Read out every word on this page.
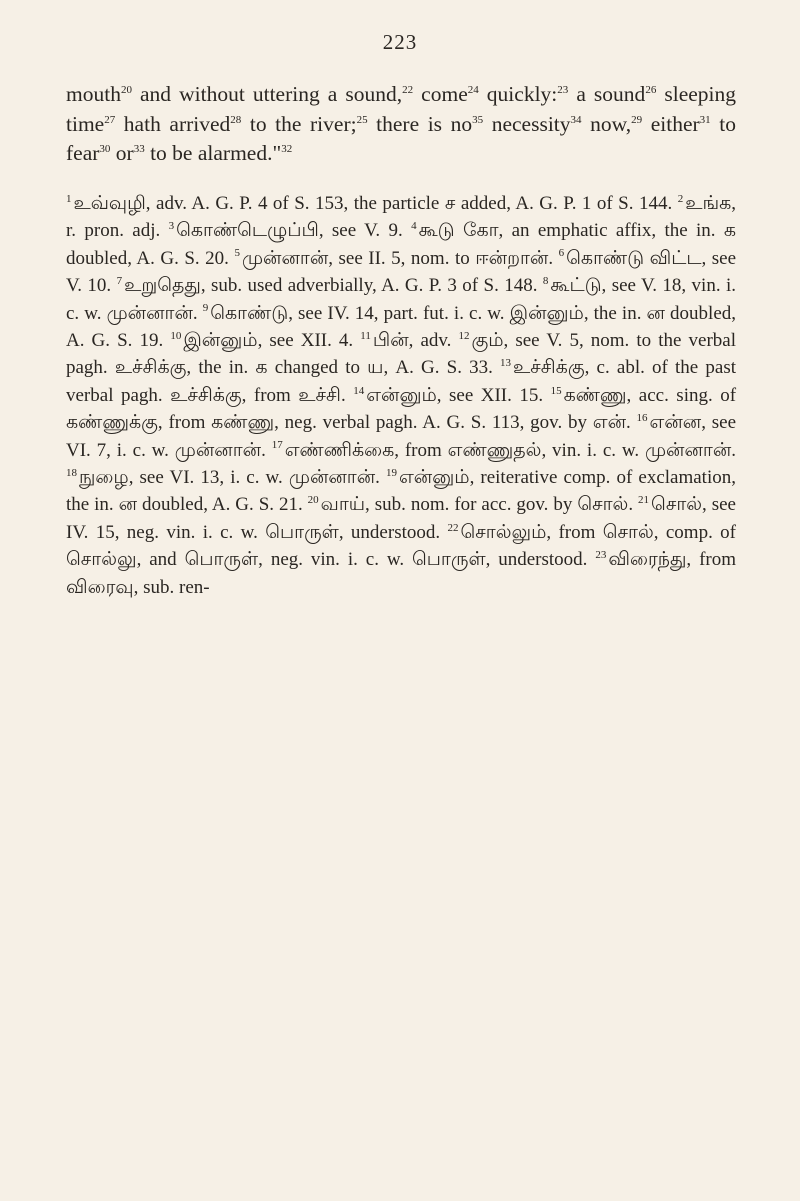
223
mouth$^{20}$ and without uttering a sound,$^{22}$ come$^{24}$ quickly:$^{23}$ a sound$^{26}$ sleeping time$^{27}$ hath arrived$^{28}$ to the river;$^{25}$ there is $no^{35}$ necessity$^{34}$ now,$^{29}$ either$^{31}$ to fear$^{30}$ $or^{33}$ to be alarmed."$^{32}$
$^1$ உவ்வுழி, adv. A. G. P. 4 of S. 153, the particle ச added, A. G. P. 1 of S. 144. $^2$ உங்க, r. pron. adj. $^3$ கொண்டெழுப்பி, see V. 9. $^4$ கூடு கோ, an emphatic affix, the in. க doubled, A. G. S. 20. $^5$ முன்னான், see II. 5, nom. to ஈன்றான். $^6$ கொண்டு விட்ட, see V. 10. $^7$ உறுதெது, sub. used adverbially, A. G. P. 3 of S. 148. $^8$ கூட்டு, see V. 18, vin. i. c. w. முன்னான். $^9$ கொண்டு, see IV. 14, part. fut. i. c. w. இன்னும், the in. ன doubled, A. G. S. 19. $^{10}$ இன்னும், see XII. 4. $^{11}$ பின், adv. $^{12}$ கும், see V. 5, nom. to the verbal pagh. உச்சிக்கு, the in. க changed to ய, A. G. S. 33. $^{13}$ உச்சிக்கு, c. abl. of the past verbal pagh. உச்சிக்கு, from உச்சி. $^{14}$ என்னும், see XII. 15. $^{15}$ கண்ணு, acc. sing. of கண்ணுக்கு, from கண்ணு, neg. verbal pagh. A. G. S. 113, gov. by என். $^{16}$ என்ன, see VI. 7, i. c. w. முன்னான். $^{17}$ எண்ணிக்கை, from எண்ணுதல், vin. i. c. w. முன்னான். $^{18}$ நுழை, see VI. 13, i. c. w. முன்னான். $^{19}$ என்னும், reiterative comp. of exclamation, the in. ன doubled, A. G. S. 21. $^{20}$ வாய், sub. nom. for acc. gov. by சொல். $^{21}$ சொல், see IV. 15, neg. vin. i. c. w. பொருள், understood. $^{22}$ சொல்லும், from சொல், comp. of சொல்லு, and பொருள், neg. vin. i. c. w. பொருள், understood. $^{23}$ விரைந்து, from விரைவு, sub. ren-
